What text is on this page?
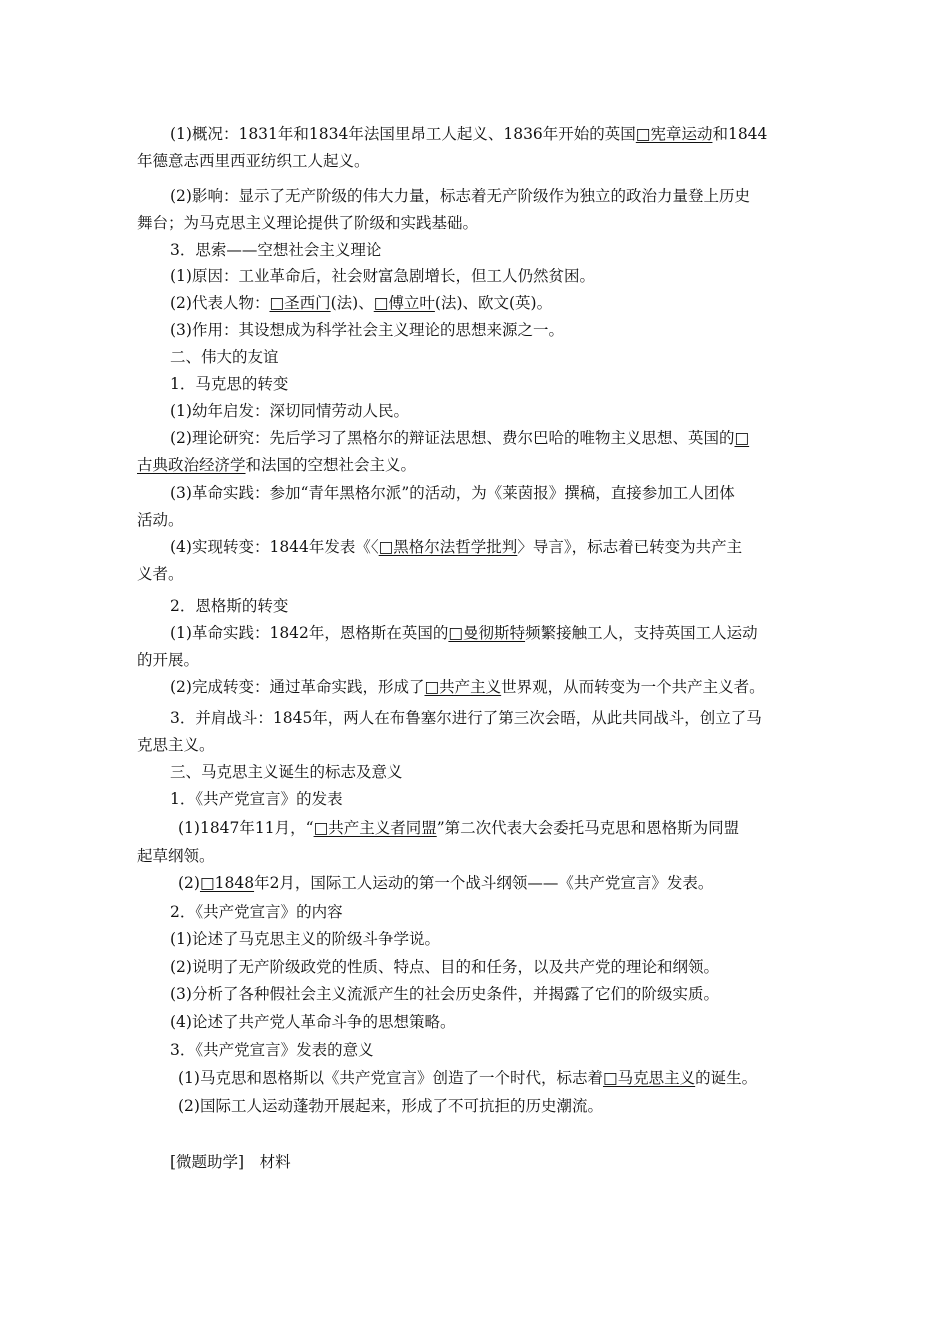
(1)概况：1831年和1834年法国里昂工人起义、1836年开始的英国□宪章运动和1844
年德意志西里西亚纺织工人起义。
(2)影响：显示了无产阶级的伟大力量，标志着无产阶级作为独立的政治力量登上历史
舞台；为马克思主义理论提供了阶级和实践基础。
3．思索——空想社会主义理论
(1)原因：工业革命后，社会财富急剧增长，但工人仍然贫困。
(2)代表人物：□圣西门(法)、□傅立叶(法)、欧文(英)。
(3)作用：其设想成为科学社会主义理论的思想来源之一。
二、伟大的友谊
1．马克思的转变
(1)幼年启发：深切同情劳动人民。
(2)理论研究：先后学习了黑格尔的辩证法思想、费尔巴哈的唯物主义思想、英国的□
古典政治经济学和法国的空想社会主义。
(3)革命实践：参加“青年黑格尔派”的活动，为《莱茵报》撰稿，直接参加工人团体
活动。
(4)实现转变：1844年发表《〈□黑格尔法哲学批判〉导言》，标志着已转变为共产主
义者。
2．恩格斯的转变
(1)革命实践：1842年，恩格斯在英国的□曼彻斯特频繁接触工人，支持英国工人运动
的开展。
(2)完成转变：通过革命实践，形成了□共产主义世界观，从而转变为一个共产主义者。
3．并肩战斗：1845年，两人在布鲁塞尔进行了第三次会晤，从此共同战斗，创立了马
克思主义。
三、马克思主义诞生的标志及意义
1．《共产党宣言》的发表
(1)1847年11月，“□共产主义者同盟”第二次代表大会委托马克思和恩格斯为同盟
起草纲领。
(2)□1848年2月，国际工人运动的第一个战斗纲领——《共产党宣言》发表。
2．《共产党宣言》的内容
(1)论述了马克思主义的阶级斗争学说。
(2)说明了无产阶级政党的性质、特点、目的和任务，以及共产党的理论和纲领。
(3)分析了各种假社会主义流派产生的社会历史条件，并揭露了它们的阶级实质。
(4)论述了共产党人革命斗争的思想策略。
3．《共产党宣言》发表的意义
(1)马克思和恩格斯以《共产党宣言》创造了一个时代，标志着□马克思主义的诞生。
(2)国际工人运动蓬勃开展起来，形成了不可抗拒的历史潮流。
[微题助学]　材料
